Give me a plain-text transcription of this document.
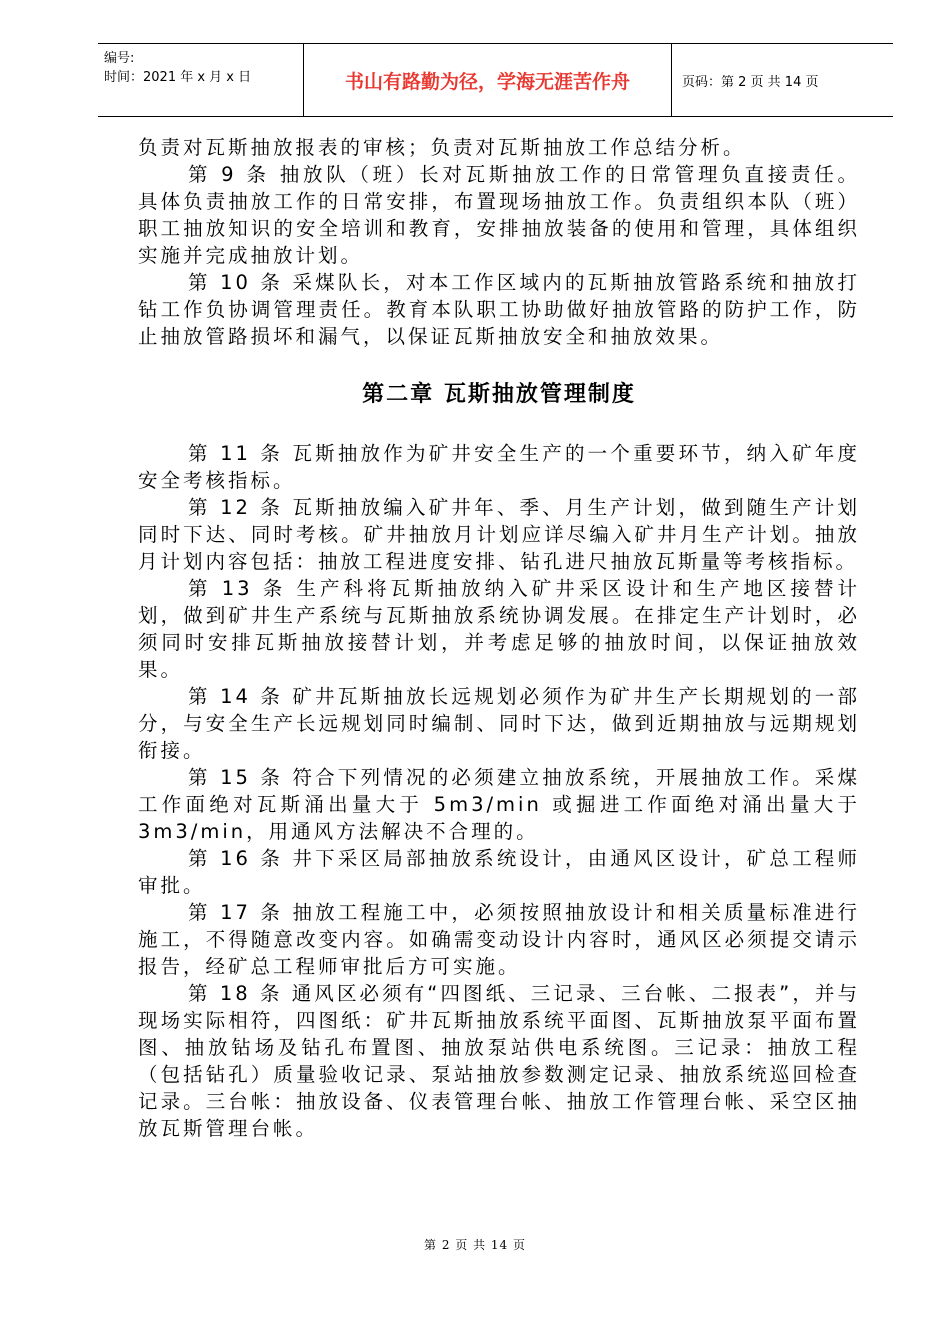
编号:
时间：2021 年 x 月 x 日	书山有路勤为径，学海无涯苦作舟	页码：第 2 页 共 14 页

负责对瓦斯抽放报表的审核；负责对瓦斯抽放工作总结分析。

第 9 条 抽放队（班）长对瓦斯抽放工作的日常管理负直接责任。具体负责抽放工作的日常安排，布置现场抽放工作。负责组织本队（班）职工抽放知识的安全培训和教育，安排抽放装备的使用和管理，具体组织实施并完成抽放计划。

第 10 条 采煤队长，对本工作区域内的瓦斯抽放管路系统和抽放打钻工作负协调管理责任。教育本队职工协助做好抽放管路的防护工作，防止抽放管路损坏和漏气，以保证瓦斯抽放安全和抽放效果。

第二章 瓦斯抽放管理制度

第 11 条 瓦斯抽放作为矿井安全生产的一个重要环节，纳入矿年度安全考核指标。

第 12 条 瓦斯抽放编入矿井年、季、月生产计划，做到随生产计划同时下达、同时考核。矿井抽放月计划应详尽编入矿井月生产计划。抽放月计划内容包括：抽放工程进度安排、钻孔进尺抽放瓦斯量等考核指标。

第 13 条 生产科将瓦斯抽放纳入矿井采区设计和生产地区接替计划，做到矿井生产系统与瓦斯抽放系统协调发展。在排定生产计划时，必须同时安排瓦斯抽放接替计划，并考虑足够的抽放时间，以保证抽放效果。

第 14 条 矿井瓦斯抽放长远规划必须作为矿井生产长期规划的一部分，与安全生产长远规划同时编制、同时下达，做到近期抽放与远期规划衔接。

第 15 条 符合下列情况的必须建立抽放系统，开展抽放工作。采煤工作面绝对瓦斯涌出量大于 5m3/min 或掘进工作面绝对涌出量大于 3m3/min，用通风方法解决不合理的。

第 16 条 井下采区局部抽放系统设计，由通风区设计，矿总工程师审批。

第 17 条 抽放工程施工中，必须按照抽放设计和相关质量标准进行施工，不得随意改变内容。如确需变动设计内容时，通风区必须提交请示报告，经矿总工程师审批后方可实施。

第 18 条 通风区必须有“四图纸、三记录、三台帐、二报表”，并与现场实际相符，四图纸：矿井瓦斯抽放系统平面图、瓦斯抽放泵平面布置图、抽放钻场及钻孔布置图、抽放泵站供电系统图。三记录：抽放工程（包括钻孔）质量验收记录、泵站抽放参数测定记录、抽放系统巡回检查记录。三台帐：抽放设备、仪表管理台帐、抽放工作管理台帐、采空区抽放瓦斯管理台帐。

第 2 页 共 14 页
